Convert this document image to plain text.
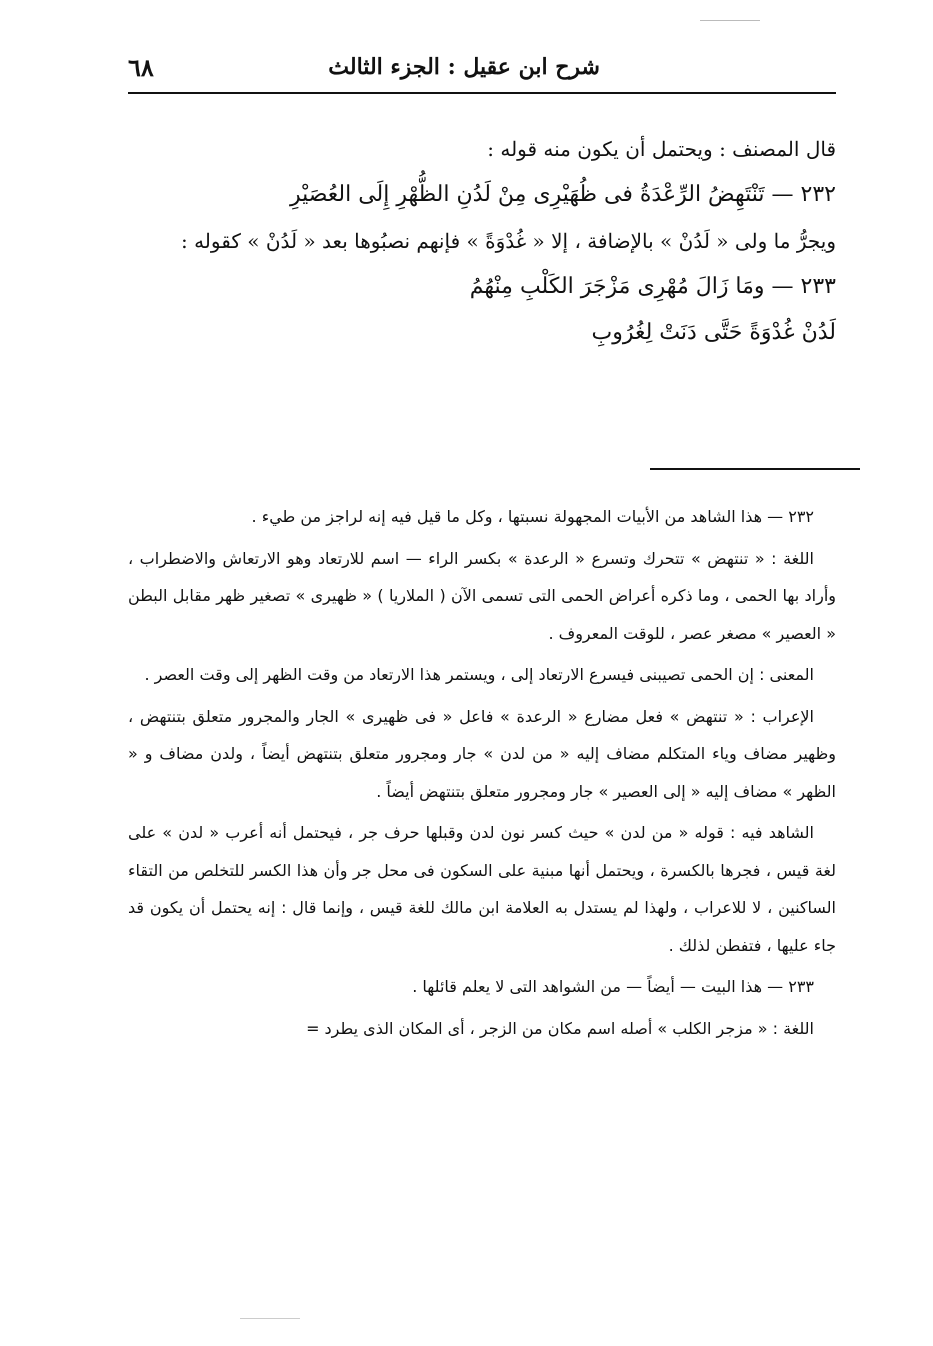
شرح ابن عقيل : الجزء الثالث
٦٨

قال المصنف : ويحتمل أن يكون منه قوله :

٢٣٢ — تَنْتَهِضُ الرِّعْدَةُ فى ظُهَيْرِى مِنْ لَدُنِ الظُّهْرِ إِلَى العُصَيْرِ

ويجرُّ ما ولى « لَدُنْ » بالإضافة ، إلا « غُدْوَةً » فإنهم نصبُوها بعد « لَدُنْ » كقوله :

٢٣٣ — ومَا زَالَ مُهْرِى مَزْجَرَ الكَلْبِ مِنْهُمُ

لَدُنْ غُدْوَةً حَتَّى دَنَتْ لِغُرُوبِ

٢٣٢ — هذا الشاهد من الأبيات المجهولة نسبتها ، وكل ما قيل فيه إنه لراجز من طيء .

اللغة : « تنتهض » تتحرك وتسرع « الرعدة » بكسر الراء — اسم للارتعاد وهو الارتعاش والاضطراب ، وأراد بها الحمى ، وما ذكره أعراض الحمى التى تسمى الآن ( الملاريا ) « ظهيرى » تصغير ظهر مقابل البطن « العصير » مصغر عصر ، للوقت المعروف .

المعنى : إن الحمى تصيبنى فيسرع الارتعاد إلى ، ويستمر هذا الارتعاد من وقت الظهر إلى وقت العصر .

الإعراب : « تنتهض » فعل مضارع « الرعدة » فاعل « فى ظهيرى » الجار والمجرور متعلق بتنتهض ، وظهير مضاف وياء المتكلم مضاف إليه « من لدن » جار ومجرور متعلق بتنتهض أيضاً ، ولدن مضاف و « الظهر » مضاف إليه « إلى العصير » جار ومجرور متعلق بتنتهض أيضاً .

الشاهد فيه : قوله « من لدن » حيث كسر نون لدن وقبلها حرف جر ، فيحتمل أنه أعرب « لدن » على لغة قيس ، فجرها بالكسرة ، ويحتمل أنها مبنية على السكون فى محل جر وأن هذا الكسر للتخلص من التقاء الساكنين ، لا للاعراب ، ولهذا لم يستدل به العلامة ابن مالك للغة قيس ، وإنما قال : إنه يحتمل أن يكون قد جاء عليها ، فتفطن لذلك .

٢٣٣ — هذا البيت — أيضاً — من الشواهد التى لا يعلم قائلها .

اللغة : « مزجر الكلب » أصله اسم مكان من الزجر ، أى المكان الذى يطرد =
